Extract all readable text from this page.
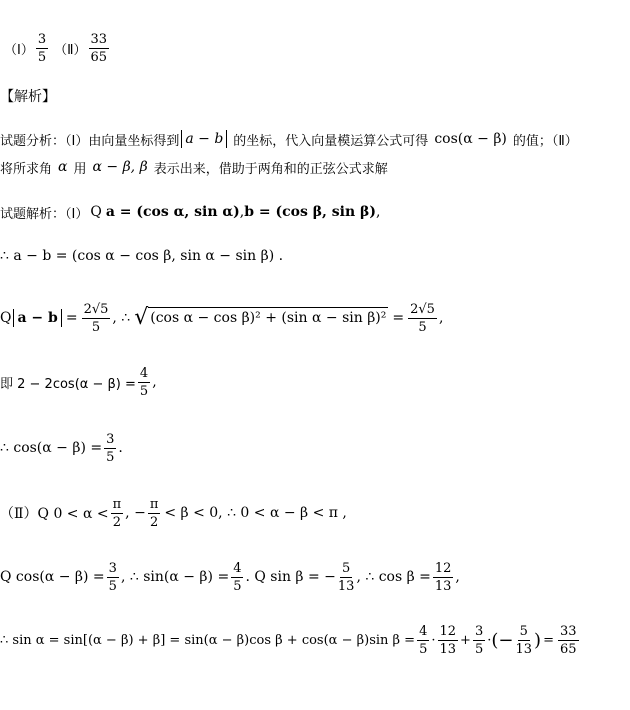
（Ⅰ） $\frac{3}{5}$ （Ⅱ） $\frac{33}{65}$
【解析】
试题分析：（Ⅰ）由向量坐标得到 a − b 的坐标，代入向量模运算公式可得 cos(α − β) 的值；（Ⅱ）
将所求角 α 用 α − β, β 表示出来，借助于两角和的正弦公式求解
试题解析：（Ⅰ） Q a = (cos α, sin α) , b = (cos β, sin β) ,
∴ a − b = (cos α − cos β, sin α − sin β) .
Q $a - b = \frac{2√5}{5}$ , ∴ √ (cos α − cos β)² + (sin $\alpha - \sin \beta)^2 = \frac{2√5}{5}$ ,
即 $2 - 2\cos(\alpha - \beta) = \frac{4}{5}$ ,
∴ $\cos(\alpha - \beta) = \frac{3}{5}$ .
（Ⅱ）Q $0 < \alpha < \frac{\pi}{2}$ , − $\frac{\pi}{2} < \beta < 0$, ∴ 0 < α − β < π ,
Q $\cos(\alpha - \beta) = \frac{3}{5}$ , ∴ $\sin(\alpha - \beta) = \frac{4}{5}$ . Q sin β = − $\frac{5}{13}$ , ∴ $\cos \beta = \frac{12}{13}$ ,
∴ sin α = sin[(α − β) + β] = sin(α − β)cos β + cos(α − β)sin $\beta = \frac{4}{5} \cdot \frac{12}{13} + \frac{3}{5}$ · (− $\frac{5}{13}$ ) = $\frac{33}{65}$
